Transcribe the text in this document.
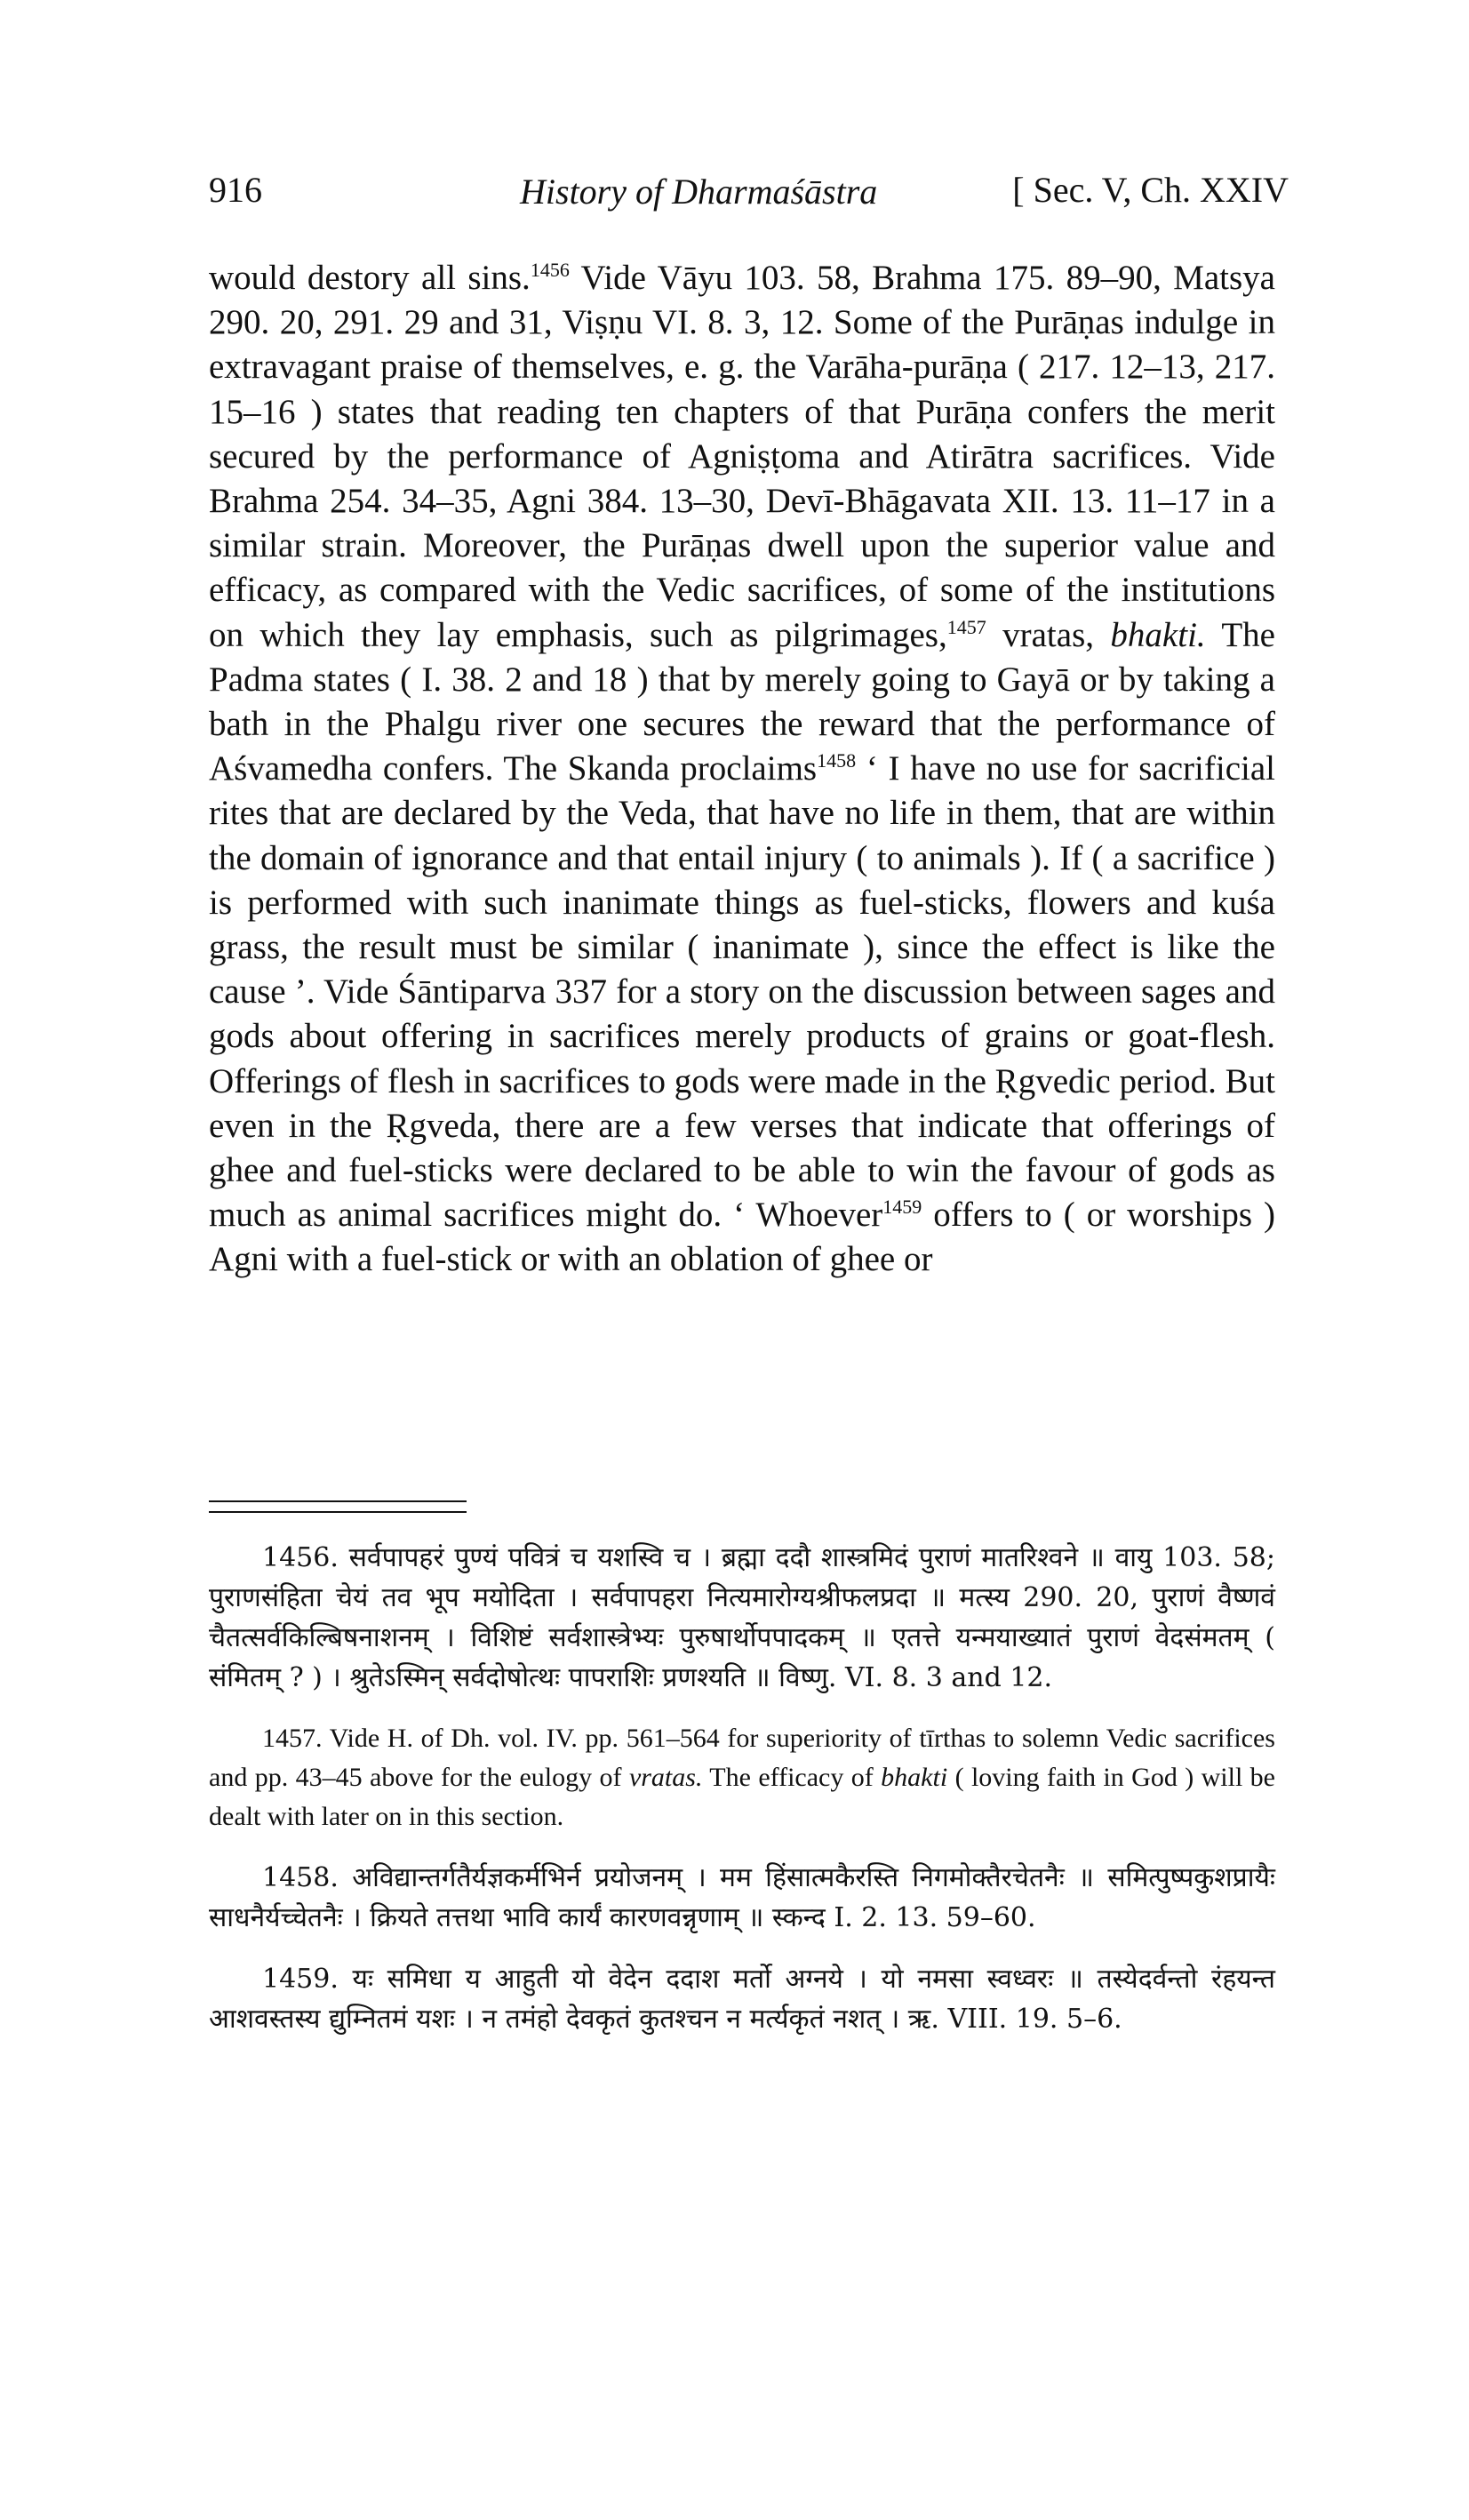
916	History of Dharmaśāstra	[ Sec. V, Ch. XXIV

would destory all sins.$^{1456}$ Vide Vāyu 103. 58, Brahma 175. 89–90, Matsya 290. 20, 291. 29 and 31, Viṣṇu VI. 8. 3, 12. Some of the Purāṇas indulge in extravagant praise of themselves, e. g. the Varāha-purāṇa ( 217. 12–13, 217. 15–16 ) states that reading ten chapters of that Purāṇa confers the merit secured by the performance of Agniṣṭoma and Atirātra sacrifices. Vide Brahma 254. 34–35, Agni 384. 13–30, Devī-Bhāgavata XII. 13. 11–17 in a similar strain. Moreover, the Purāṇas dwell upon the superior value and efficacy, as compared with the Vedic sacrifices, of some of the institutions on which they lay emphasis, such as pilgrimages,$^{1457}$ vratas, bhakti. The Padma states ( I. 38. 2 and 18 ) that by merely going to Gayā or by taking a bath in the Phalgu river one secures the reward that the performance of Aśvamedha confers. The Skanda proclaims$^{1458}$ ‘ I have no use for sacrificial rites that are declared by the Veda, that have no life in them, that are within the domain of ignorance and that entail injury ( to animals ). If ( a sacrifice ) is performed with such inanimate things as fuel-sticks, flowers and kuśa grass, the result must be similar ( inanimate ), since the effect is like the cause ’. Vide Śāntiparva 337 for a story on the discussion between sages and gods about offering in sacrifices merely products of grains or goat-flesh. Offerings of flesh in sacrifices to gods were made in the Ṛgvedic period. But even in the Ṛgveda, there are a few verses that indicate that offerings of ghee and fuel-sticks were declared to be able to win the favour of gods as much as animal sacrifices might do. ‘ Whoever$^{1459}$ offers to ( or worships ) Agni with a fuel-stick or with an oblation of ghee or

1456. सर्वपापहरं पुण्यं पवित्रं च यशस्वि च । ब्रह्मा ददौ शास्त्रमिदं पुराणं मातरिश्वने ॥ वायु 103. 58; पुराणसंहिता चेयं तव भूप मयोदिता । सर्वपापहरा नित्यमारोग्यश्रीफलप्रदा ॥ मत्स्य 290. 20, पुराणं वैष्णवं चैतत्सर्वकिल्बिषनाशनम् । विशिष्टं सर्वशास्त्रेभ्यः पुरुषार्थोपपादकम् ॥ एतत्ते यन्मयाख्यातं पुराणं वेदसंमतम् ( संमितम् ? ) । श्रुतेऽस्मिन् सर्वदोषोत्थः पापराशिः प्रणश्यति ॥ विष्णु. VI. 8. 3 and 12.

1457. Vide H. of Dh. vol. IV. pp. 561–564 for superiority of tīrthas to solemn Vedic sacrifices and pp. 43–45 above for the eulogy of vratas. The efficacy of bhakti ( loving faith in God ) will be dealt with later on in this section.

1458. अविद्यान्तर्गतैर्यज्ञकर्मभिर्न प्रयोजनम् । मम हिंसात्मकैरस्ति निगमोक्तैरचेतनैः ॥ समित्पुष्पकुशप्रायैः साधनैर्यच्चेतनैः । क्रियते तत्तथा भावि कार्यं कारणवन्नृणाम् ॥ स्कन्द I. 2. 13. 59–60.

1459. यः समिधा य आहुती यो वेदेन ददाश मर्तो अग्नये । यो नमसा स्वध्वरः ॥ तस्येदर्वन्तो रंहयन्त आशवस्तस्य द्युम्नितमं यशः । न तमंहो देवकृतं कुतश्चन न मर्त्यकृतं नशत् । ऋ. VIII. 19. 5–6.
